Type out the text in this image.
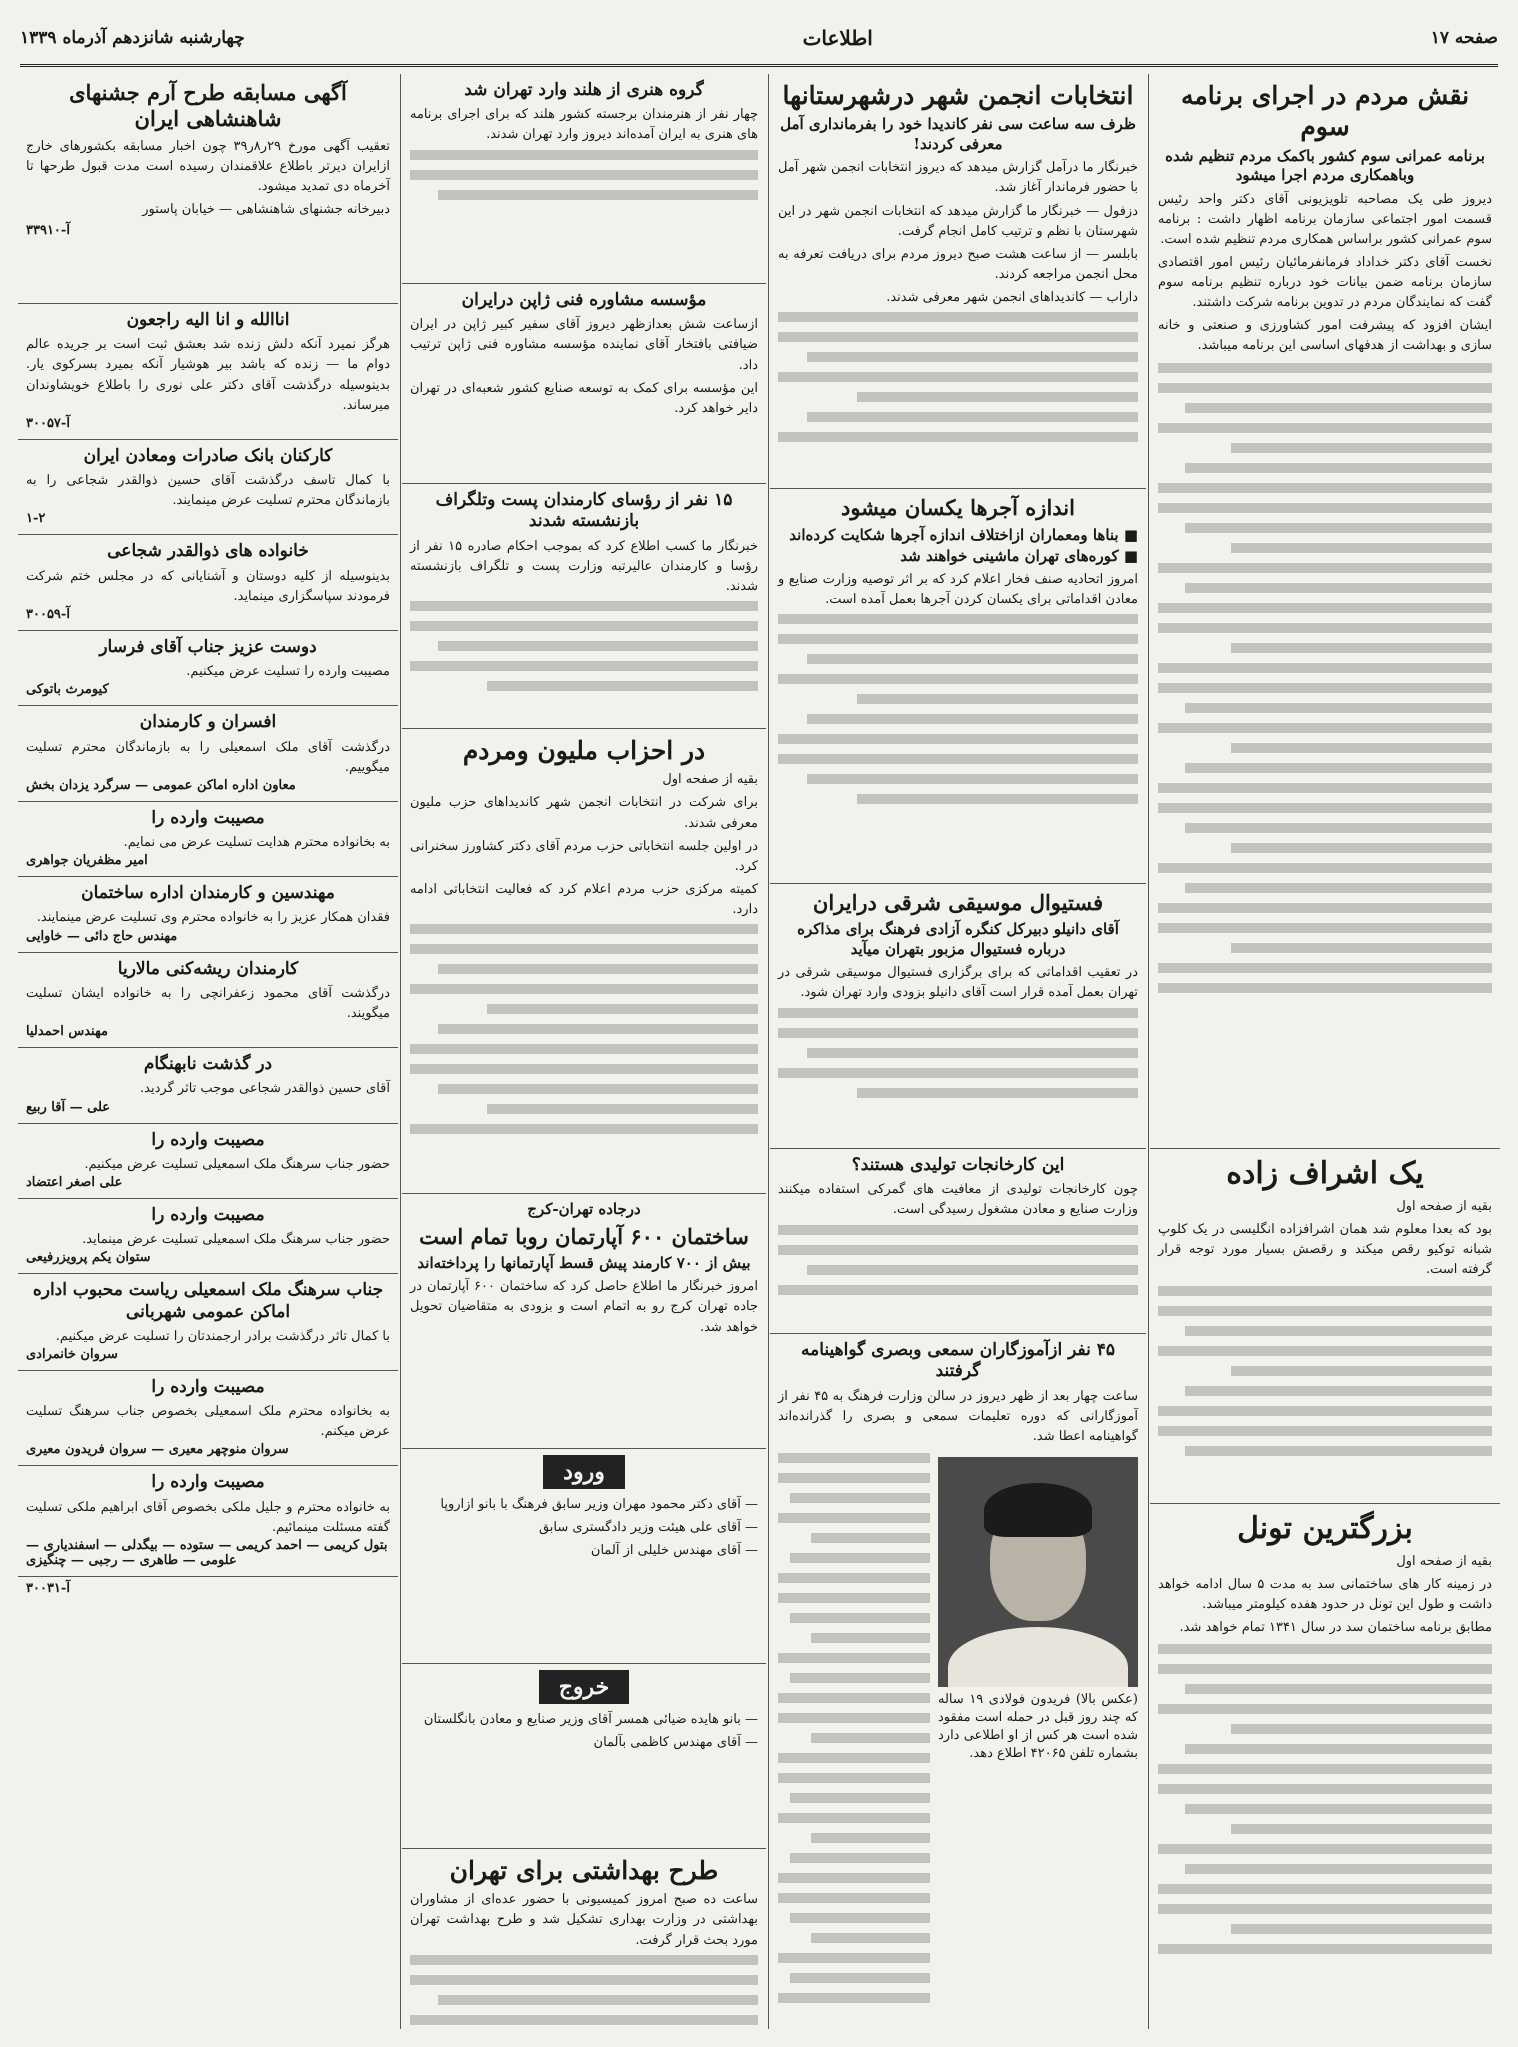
صفحه ۱۷
اطلاعات
چهارشنبه شانزدهم آذرماه ۱۳۳۹
نقش مردم در اجرای برنامه سوم
برنامه عمرانی سوم کشور باکمک مردم تنظیم شده وباهمکاری مردم اجرا میشود

دیروز طی یک مصاحبه تلویزیونی آقای دکتر واحد رئیس قسمت امور اجتماعی سازمان برنامه اظهار داشت : برنامه سوم عمرانی کشور براساس همکاری مردم تنظیم شده است.

نخست آقای دکتر خداداد فرمانفرمائیان رئیس امور اقتصادی سازمان برنامه ضمن بیانات خود درباره تنظیم برنامه سوم گفت که نمایندگان مردم در تدوین برنامه شرکت داشتند.

ایشان افزود که پیشرفت امور کشاورزی و صنعتی و خانه سازی و بهداشت از هدفهای اساسی این برنامه میباشد.

یک اشراف زاده

بقیه از صفحه اول

بود که بعدا معلوم شد همان اشرافزاده انگلیسی در یک کلوپ شبانه توکیو رقص میکند و رقصش بسیار مورد توجه قرار گرفته است.

بزرگترین تونل

بقیه از صفحه اول

در زمینه کار های ساختمانی سد به مدت ۵ سال ادامه خواهد داشت و طول این تونل در حدود هفده کیلومتر میباشد.

مطابق برنامه ساختمان سد در سال ۱۳۴۱ تمام خواهد شد.

انتخابات انجمن شهر درشهرستانها
ظرف سه ساعت سی نفر کاندیدا خود را بفرمانداری آمل معرفی کردند!

خبرنگار ما درآمل گزارش میدهد که دیروز انتخابات انجمن شهر آمل با حضور فرماندار آغاز شد.

دزفول — خبرنگار ما گزارش میدهد که انتخابات انجمن شهر در این شهرستان با نظم و ترتیب کامل انجام گرفت.

بابلسر — از ساعت هشت صبح دیروز مردم برای دریافت تعرفه به محل انجمن مراجعه کردند.

داراب — کاندیداهای انجمن شهر معرفی شدند.

اندازه آجرها یکسان میشود
■ بناها ومعماران ازاختلاف اندازه آجرها شکایت کرده‌اند
■ کوره‌های تهران ماشینی خواهند شد

امروز اتحادیه صنف فخار اعلام کرد که بر اثر توصیه وزارت صنایع و معادن اقداماتی برای یکسان کردن آجرها بعمل آمده است.

فستیوال موسیقی شرقی درایران
آقای دانیلو دبیرکل کنگره آزادی فرهنگ برای مذاکره درباره فستیوال مزبور بتهران میآید

در تعقیب اقداماتی که برای برگزاری فستیوال موسیقی شرقی در تهران بعمل آمده قرار است آقای دانیلو بزودی وارد تهران شود.

این کارخانجات تولیدی هستند؟

چون کارخانجات تولیدی از معافیت های گمرکی استفاده میکنند وزارت صنایع و معادن مشغول رسیدگی است.

۴۵ نفر ازآموزگاران سمعی وبصری گواهینامه گرفتند

ساعت چهار بعد از ظهر دیروز در سالن وزارت فرهنگ به ۴۵ نفر از آموزگارانی که دوره تعلیمات سمعی و بصری را گذرانده‌اند گواهینامه اعطا شد.

(عکس بالا) فریدون فولادی ۱۹ ساله که چند روز قبل در حمله است مفقود شده است هر کس از او اطلاعی دارد بشماره تلفن ۴۲۰۶۵ اطلاع دهد.
گروه هنری از هلند وارد تهران شد

چهار نفر از هنرمندان برجسته کشور هلند که برای اجرای برنامه های هنری به ایران آمده‌اند دیروز وارد تهران شدند.

مؤسسه مشاوره فنی ژاپن درایران

ازساعت شش بعدازظهر دیروز آقای سفیر کبیر ژاپن در ایران ضیافتی بافتخار آقای نماینده مؤسسه مشاوره فنی ژاپن ترتیب داد.

این مؤسسه برای کمک به توسعه صنایع کشور شعبه‌ای در تهران دایر خواهد کرد.

۱۵ نفر از رؤسای کارمندان پست وتلگراف بازنشسته شدند

خبرنگار ما کسب اطلاع کرد که بموجب احکام صادره ۱۵ نفر از رؤسا و کارمندان عالیرتبه وزارت پست و تلگراف بازنشسته شدند.

در احزاب ملیون ومردم

بقیه از صفحه اول

برای شرکت در انتخابات انجمن شهر کاندیداهای حزب ملیون معرفی شدند.

در اولین جلسه انتخاباتی حزب مردم آقای دکتر کشاورز سخنرانی کرد.

کمیته مرکزی حزب مردم اعلام کرد که فعالیت انتخاباتی ادامه دارد.

درجاده تهران-کرج
ساختمان ۶۰۰ آپارتمان روبا تمام است
بیش از ۷۰۰ کارمند پیش قسط آپارتمانها را پرداخته‌اند

امروز خبرنگار ما اطلاع حاصل کرد که ساختمان ۶۰۰ آپارتمان در جاده تهران کرج رو به اتمام است و بزودی به متقاضیان تحویل خواهد شد.

ورود

— آقای دکتر محمود مهران وزیر سابق فرهنگ با بانو ازاروپا

— آقای علی هیئت وزیر دادگستری سابق

— آقای مهندس خلیلی از آلمان

خروج

— بانو هایده ضیائی همسر آقای وزیر صنایع و معادن بانگلستان

— آقای مهندس کاظمی بآلمان

طرح بهداشتی برای تهران

ساعت ده صبح امروز کمیسیونی با حضور عده‌ای از مشاوران بهداشتی در وزارت بهداری تشکیل شد و طرح بهداشت تهران مورد بحث قرار گرفت.

آگهی مسابقه طرح آرم جشنهای شاهنشاهی ایران

تعقیب آگهی مورخ ۲۹ر۸ر۳۹ چون اخبار مسابقه بکشورهای خارج ازایران دیرتر باطلاع علاقمندان رسیده است مدت قبول طرحها تا آخرماه دی تمدید میشود.

دبیرخانه جشنهای شاهنشاهی — خیابان پاستور

آ-۳۳۹۱۰
اناالله و انا الیه راجعون
هرگز نمیرد آنکه دلش زنده شد بعشق ثبت است بر جریده عالم دوام ما — زنده که باشد بیر هوشیار آنکه بمیرد بسرکوی یار. بدینوسیله درگذشت آقای دکتر علی نوری را باطلاع خویشاوندان میرساند.
آ-۳۰۰۵۷
کارکنان بانک صادرات ومعادن ایران
با کمال تاسف درگذشت آقای حسین ذوالقدر شجاعی را به بازماندگان محترم تسلیت عرض مینمایند.
۱-۲
خانواده های ذوالقدر شجاعی
بدینوسیله از کلیه دوستان و آشنایانی که در مجلس ختم شرکت فرمودند سپاسگزاری مینماید.
آ-۳۰۰۵۹
دوست عزیز جناب آقای فرسار
مصیبت وارده را تسلیت عرض میکنیم.
کیومرث باتوکی
افسران و کارمندان
درگذشت آقای ملک اسمعیلی را به بازماندگان محترم تسلیت میگوییم.
معاون اداره اماکن عمومی — سرگرد یزدان بخش
مصیبت وارده را
به بخانواده محترم هدایت تسلیت عرض می نمایم.
امیر مظفریان جواهری
مهندسین و کارمندان اداره ساختمان
فقدان همکار عزیز را به خانواده محترم وی تسلیت عرض مینمایند.
مهندس حاج دائی — خاوایی
کارمندان ریشه‌کنی مالاریا
درگذشت آقای محمود زعفرانچی را به خانواده ایشان تسلیت میگویند.
مهندس احمدلیا
در گذشت نابهنگام
آقای حسین ذوالقدر شجاعی موجب تاثر گردید.
علی — آقا ربیع
مصیبت وارده را
حضور جناب سرهنگ ملک اسمعیلی تسلیت عرض میکنیم.
علی اصغر اعتضاد
مصیبت وارده را
حضور جناب سرهنگ ملک اسمعیلی تسلیت عرض مینماید.
ستوان یکم پرویزرفیعی
جناب سرهنگ ملک اسمعیلی ریاست محبوب اداره اماکن عمومی شهربانی
با کمال تاثر درگذشت برادر ارجمندتان را تسلیت عرض میکنیم.
سروان خانمرادی
مصیبت وارده را
به بخانواده محترم ملک اسمعیلی بخصوص جناب سرهنگ تسلیت عرض میکنم.
سروان منوچهر معیری — سروان فریدون معیری
مصیبت وارده را
به خانواده محترم و جلیل ملکی بخصوص آقای ابراهیم ملکی تسلیت گفته مسئلت مینمائیم.
بتول کریمی — احمد کریمی — ستوده — بیگدلی — اسفندیاری — علومی — طاهری — رجبی — چنگیزی
آ-۳۰۰۳۱
